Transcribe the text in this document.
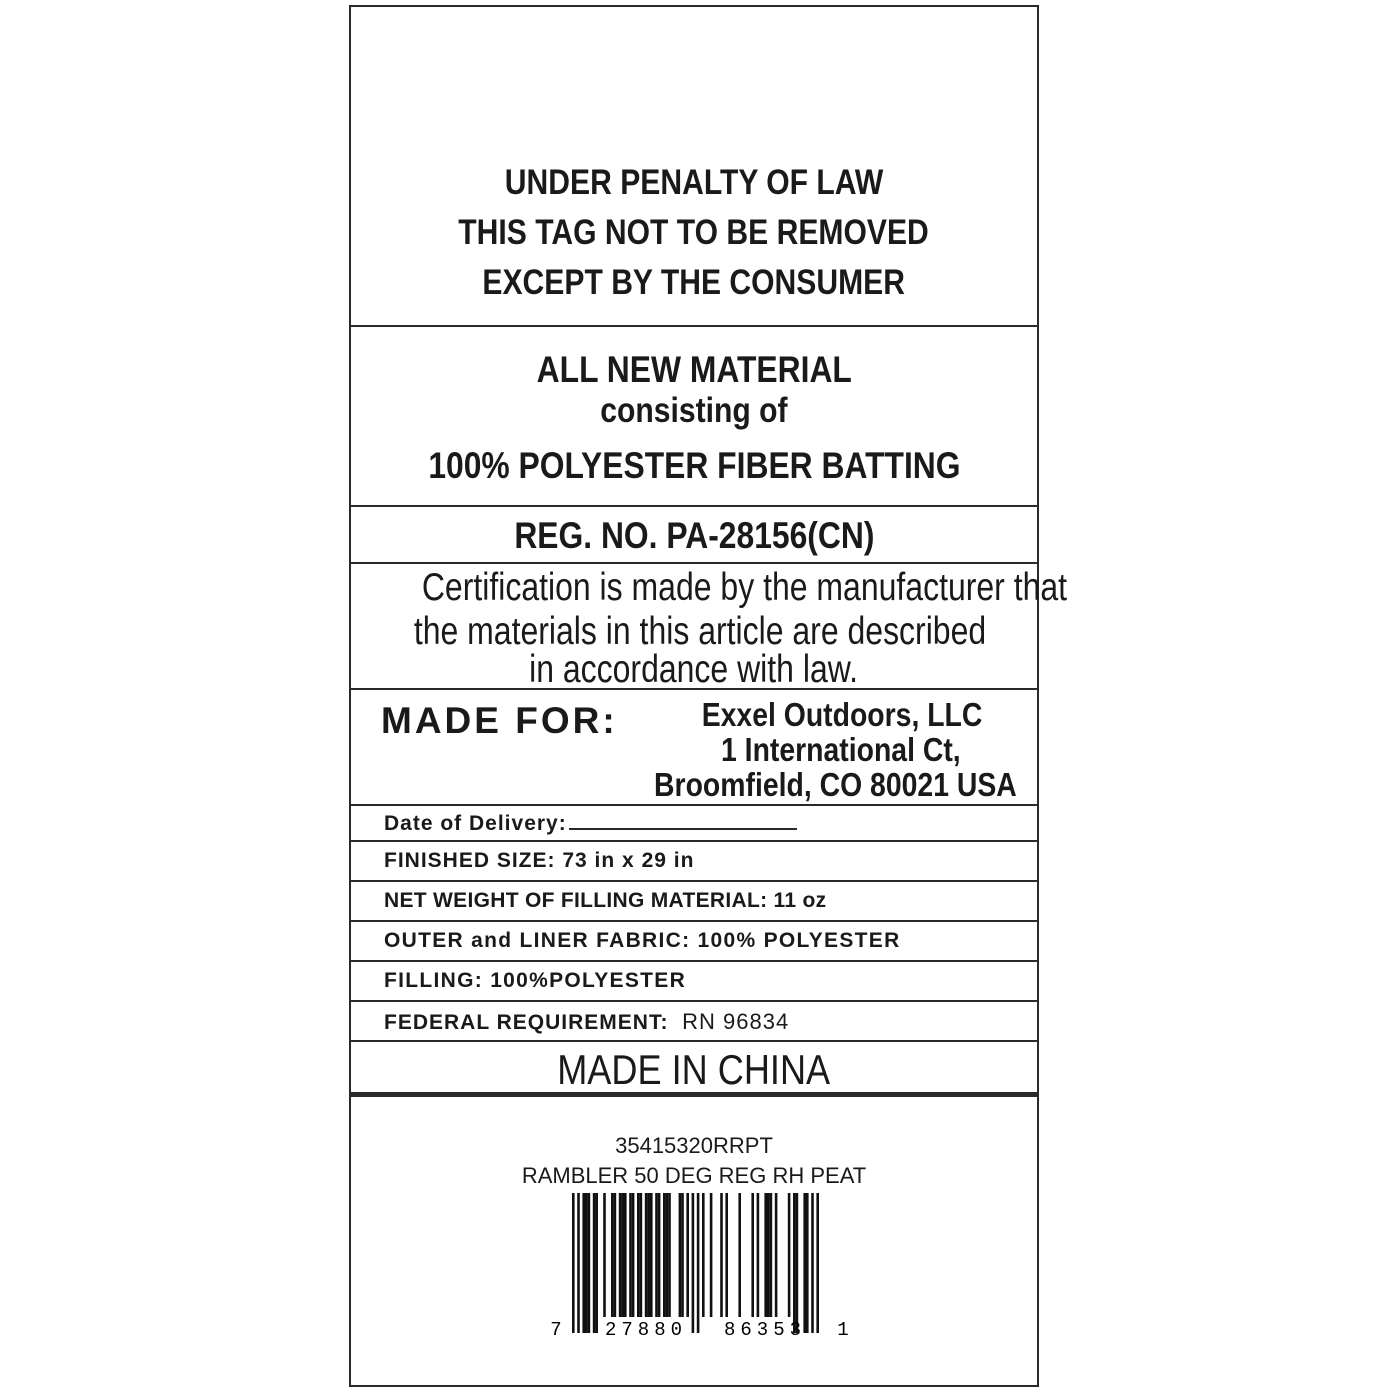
UNDER PENALTY OF LAW
THIS TAG NOT TO BE REMOVED
EXCEPT BY THE CONSUMER
ALL NEW MATERIAL
consisting of
100% POLYESTER FIBER BATTING
REG. NO. PA-28156(CN)
Certification is made by the manufacturer that
the materials in this article are described
in accordance with law.
MADE FOR:	Exxel Outdoors, LLC
1 International Ct,
Broomfield, CO 80021 USA
Date of Delivery:
FINISHED SIZE: 73 in x 29 in
NET WEIGHT OF FILLING MATERIAL: 11 oz
OUTER and LINER FABRIC: 100% POLYESTER
FILLING: 100%POLYESTER
FEDERAL REQUIREMENT: RN 96834
MADE IN CHINA
35415320RRPT
RAMBLER 50 DEG REG RH PEAT
7 27880 86353 1
